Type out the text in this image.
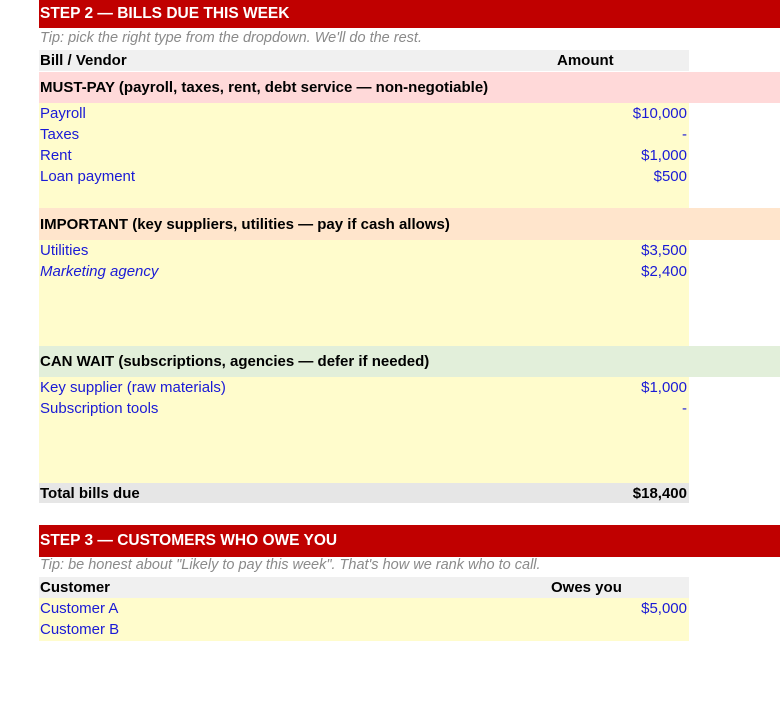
STEP 2 — BILLS DUE THIS WEEK
Tip: pick the right type from the dropdown. We'll do the rest.
Bill / Vendor	Amount
MUST-PAY (payroll, taxes, rent, debt service — non-negotiable)
Payroll	$10,000
Taxes	-
Rent	$1,000
Loan payment	$500
IMPORTANT (key suppliers, utilities — pay if cash allows)
Utilities	$3,500
Marketing agency	$2,400
CAN WAIT (subscriptions, agencies — defer if needed)
Key supplier (raw materials)	$1,000
Subscription tools	-
Total bills due	$18,400
STEP 3 — CUSTOMERS WHO OWE YOU
Tip: be honest about "Likely to pay this week". That's how we rank who to call.
Customer	Owes you
Customer A	$5,000
Customer B
